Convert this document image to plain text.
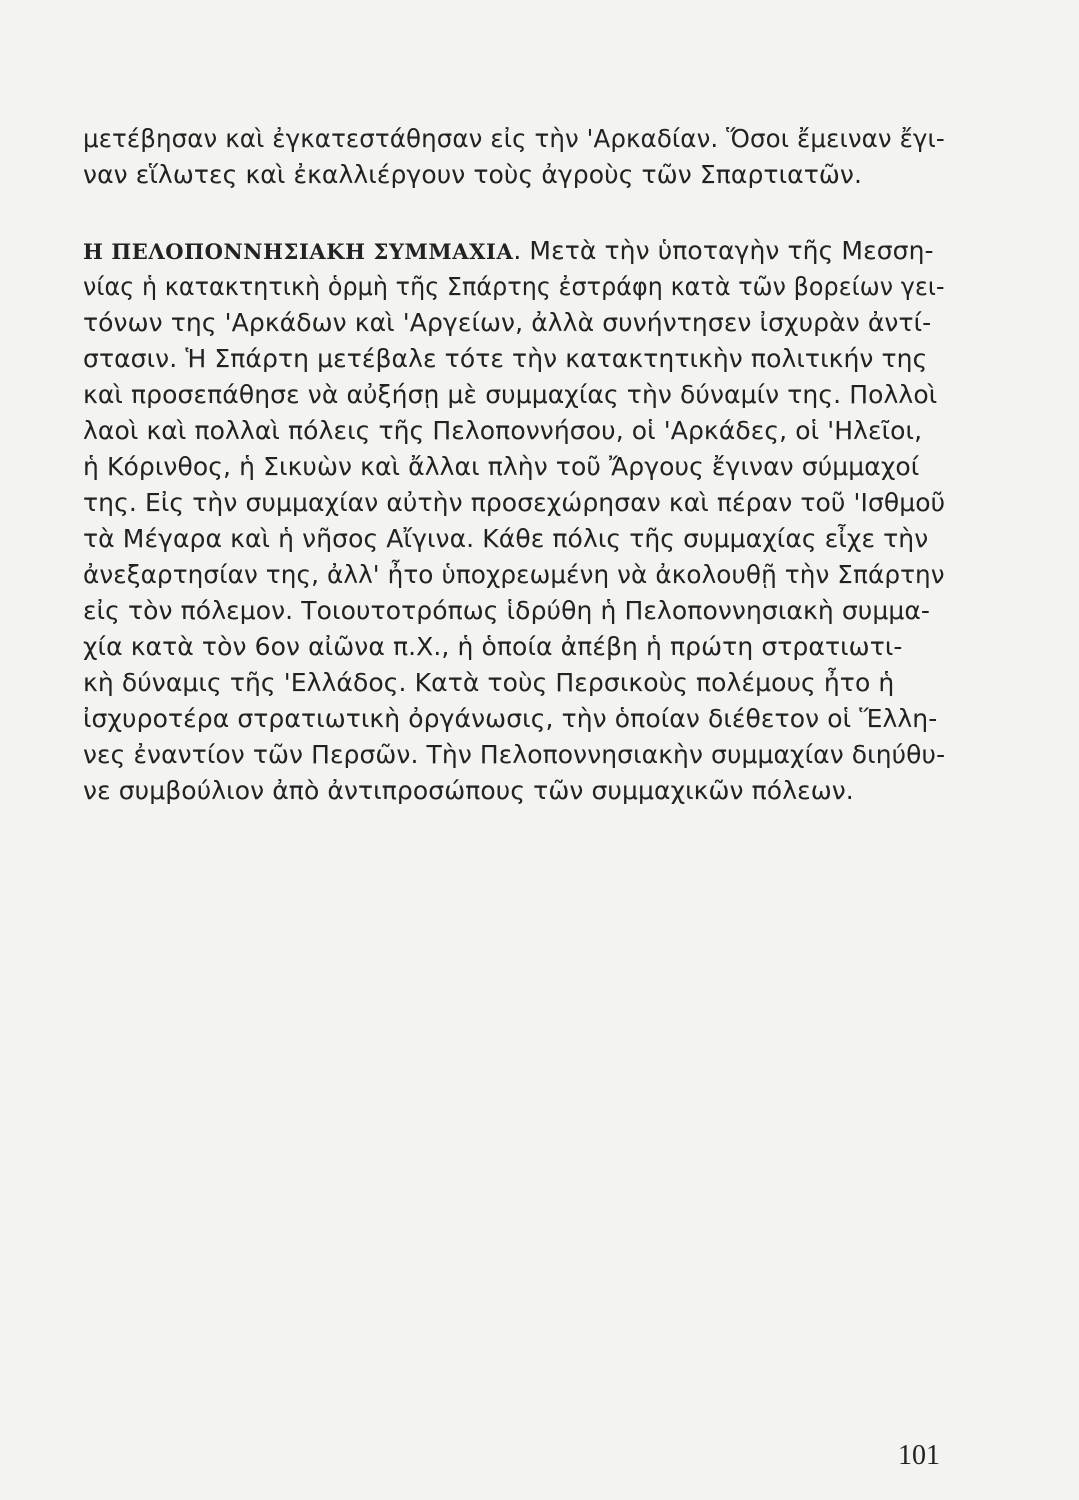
μετέβησαν καὶ ἐγκατεστάθησαν εἰς τὴν 'Αρκαδίαν. Ὅσοι ἔμειναν ἔγι-
ναν εἵλωτες καὶ ἐκαλλιέργουν τοὺς ἀγροὺς τῶν Σπαρτιατῶν.
Η ΠΕΛΟΠΟΝΝΗΣΙΑΚΗ ΣΥΜΜΑΧΙΑ. Μετὰ τὴν ὑποταγὴν τῆς Μεσση-
νίας ἡ κατακτητικὴ ὁρμὴ τῆς Σπάρτης ἐστράφη κατὰ τῶν βορείων γει-
τόνων της 'Αρκάδων καὶ 'Αργείων, ἀλλὰ συνήντησεν ἰσχυρὰν ἀντί-
στασιν. Ἡ Σπάρτη μετέβαλε τότε τὴν κατακτητικὴν πολιτικήν της
καὶ προσεπάθησε νὰ αὐξήσῃ μὲ συμμαχίας τὴν δύναμίν της. Πολλοὶ
λαοὶ καὶ πολλαὶ πόλεις τῆς Πελοποννήσου, οἱ 'Αρκάδες, οἱ 'Ηλεῖοι,
ἡ Κόρινθος, ἡ Σικυὼν καὶ ἄλλαι πλὴν τοῦ Ἄργους ἔγιναν σύμμαχοί
της. Εἰς τὴν συμμαχίαν αὐτὴν προσεχώρησαν καὶ πέραν τοῦ 'Ισθμοῦ
τὰ Μέγαρα καὶ ἡ νῆσος Αἴγινα. Κάθε πόλις τῆς συμμαχίας εἶχε τὴν
ἀνεξαρτησίαν της, ἀλλ' ἦτο ὑποχρεωμένη νὰ ἀκολουθῇ τὴν Σπάρτην
εἰς τὸν πόλεμον. Τοιουτοτρόπως ἱδρύθη ἡ Πελοποννησιακὴ συμμα-
χία κατὰ τὸν 6ον αἰῶνα π.Χ., ἡ ὁποία ἀπέβη ἡ πρώτη στρατιωτι-
κὴ δύναμις τῆς 'Ελλάδος. Κατὰ τοὺς Περσικοὺς πολέμους ἦτο ἡ
ἰσχυροτέρα στρατιωτικὴ ὀργάνωσις, τὴν ὁποίαν διέθετον οἱ Ἕλλη-
νες ἐναντίον τῶν Περσῶν. Τὴν Πελοποννησιακὴν συμμαχίαν διηύθυ-
νε συμβούλιον ἀπὸ ἀντιπροσώπους τῶν συμμαχικῶν πόλεων.
101
